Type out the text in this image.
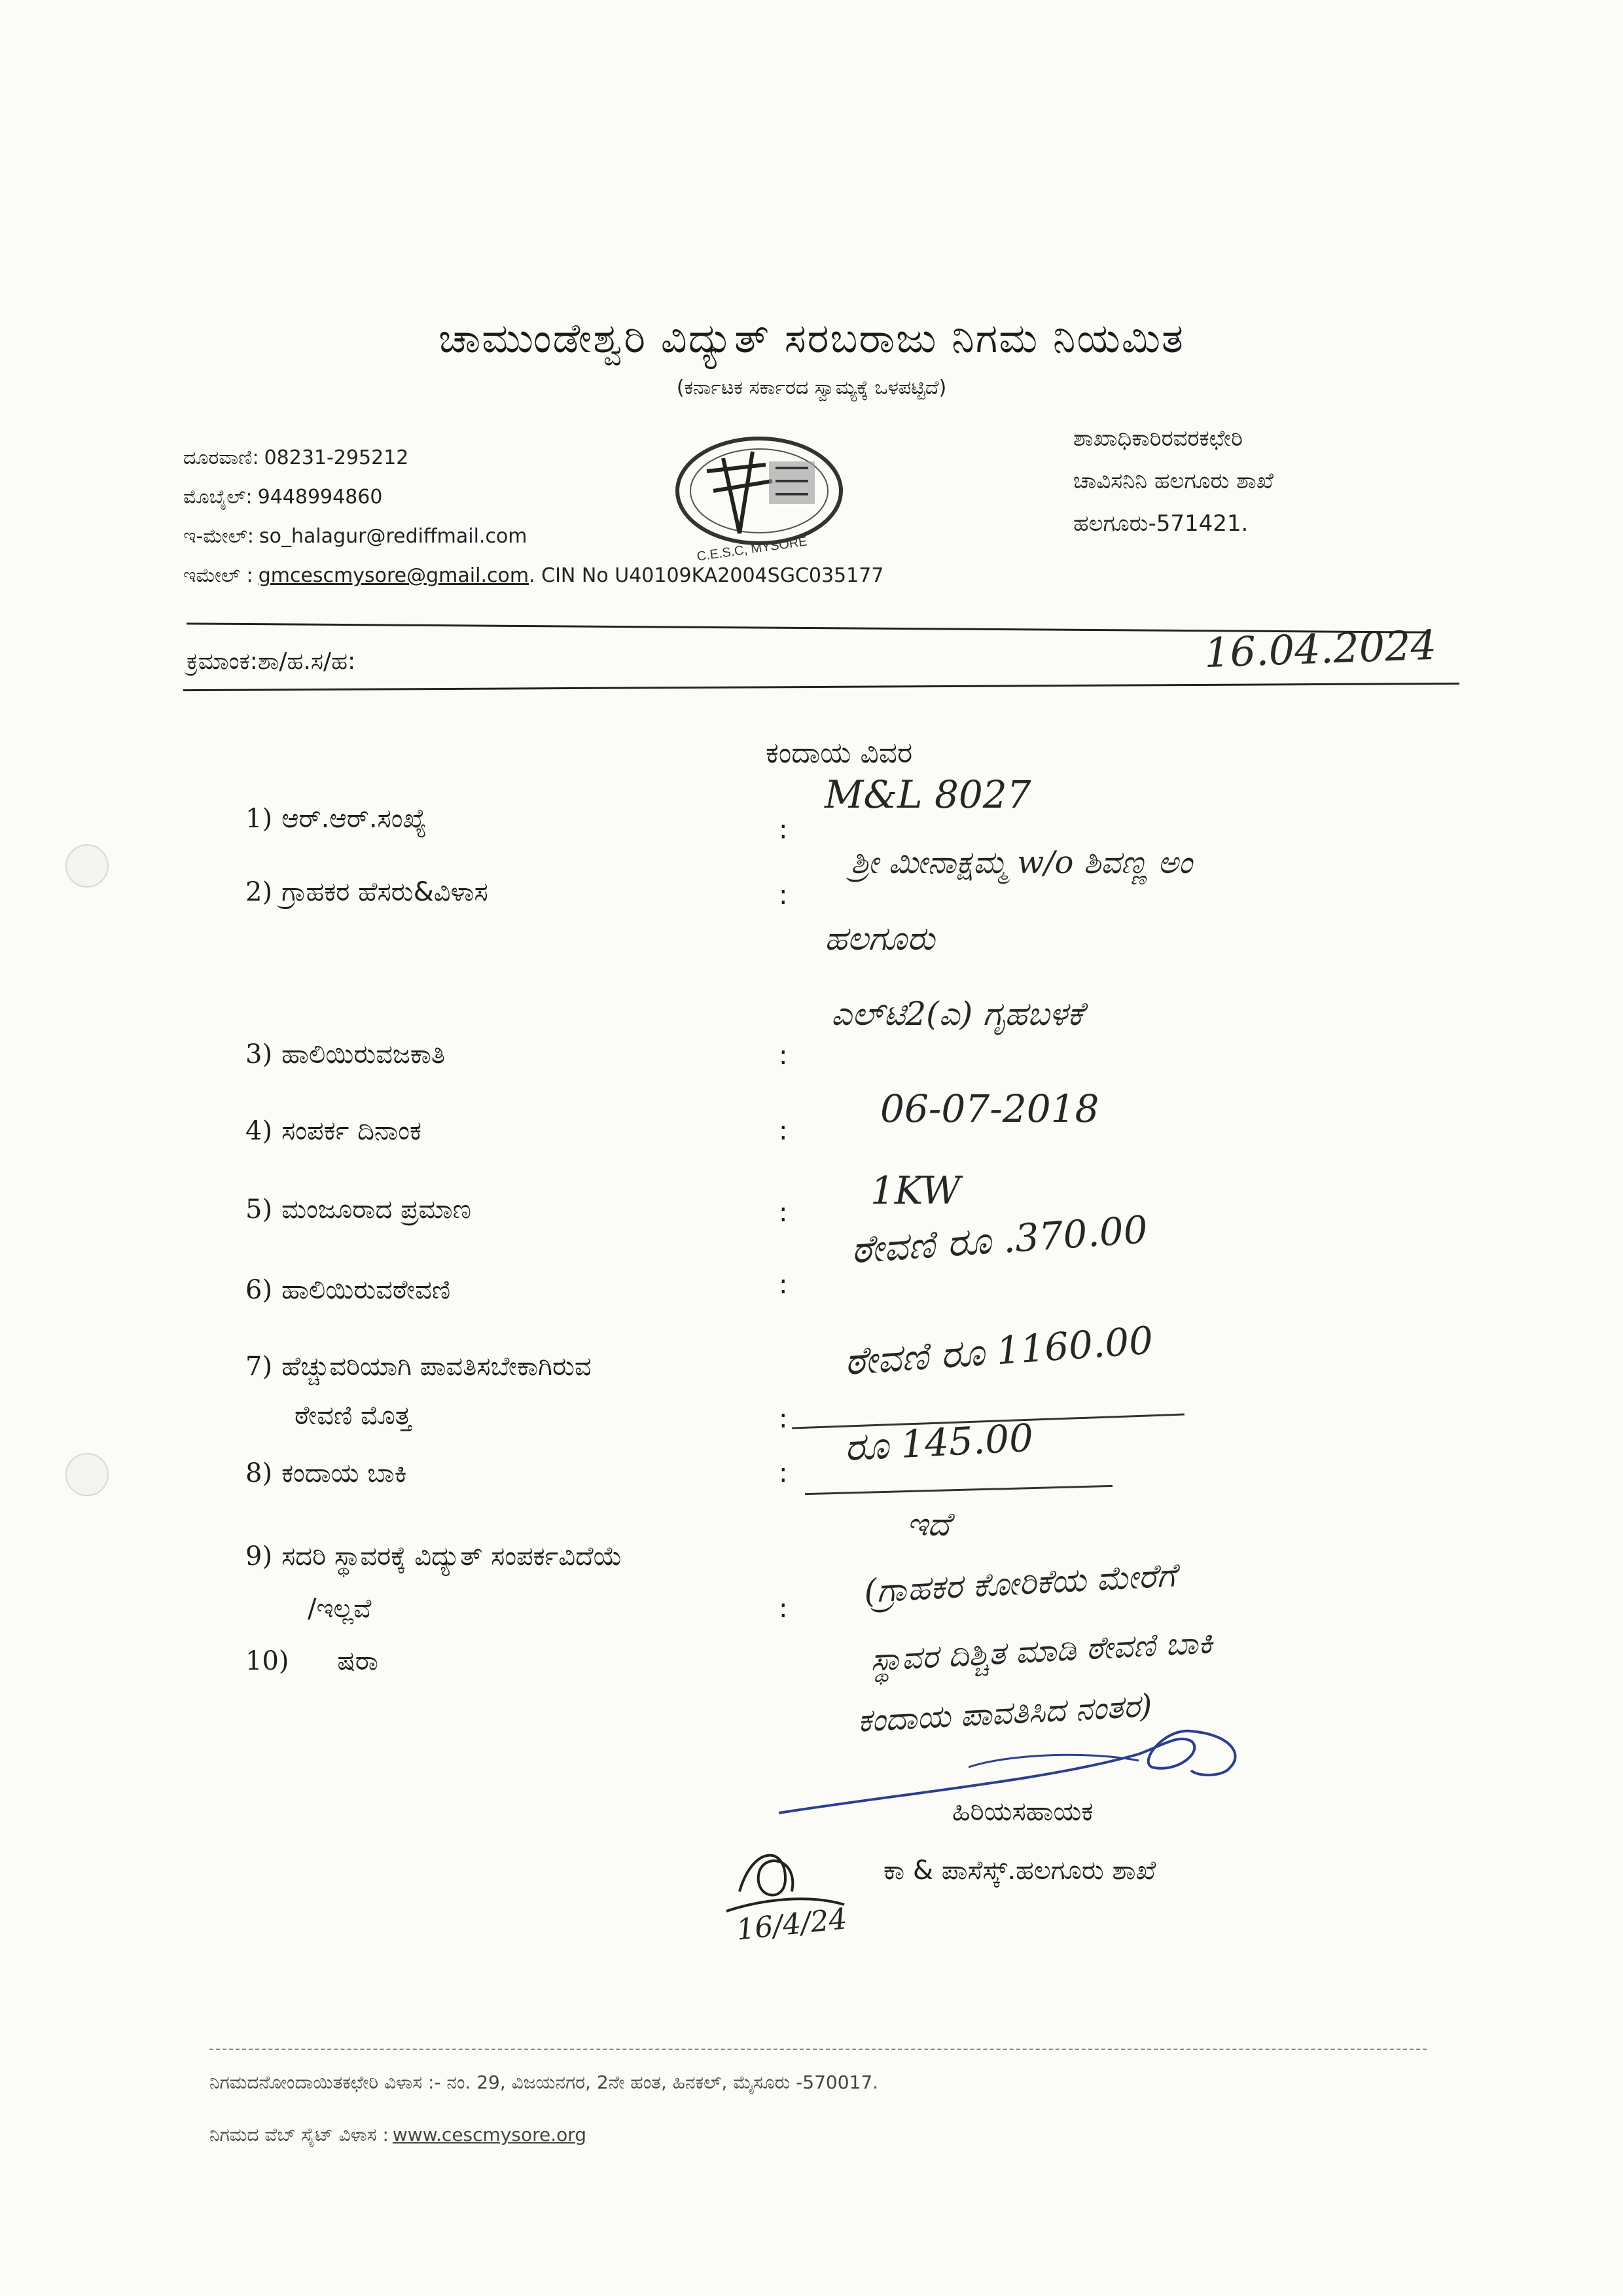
ಚಾಮುಂಡೇಶ್ವರಿ ವಿದ್ಯುತ್ ಸರಬರಾಜು ನಿಗಮ ನಿಯಮಿತ
(ಕರ್ನಾಟಕ ಸರ್ಕಾರದ ಸ್ವಾಮ್ಯಕ್ಕೆ ಒಳಪಟ್ಟಿದೆ)
ದೂರವಾಣಿ: 08231-295212
ಮೊಬೈಲ್: 9448994860
ಇ-ಮೇಲ್: so_halagur@rediffmail.com
ಇಮೇಲ್ : gmcescmysore@gmail.com. CIN No U40109KA2004SGC035177
C.E.S.C, MYSORE
ಶಾಖಾಧಿಕಾರಿರವರಕಛೇರಿ
ಚಾವಿಸನಿನಿ ಹಲಗೂರು ಶಾಖೆ
ಹಲಗೂರು-571421.
ಕ್ರಮಾಂಕ:ಶಾ/ಹ.ಸ/ಹ:	16.04.2024
ಕಂದಾಯ ವಿವರ
1) ಆರ್.ಆರ್.ಸಂಖ್ಯೆ	:
M&L 8027
2) ಗ್ರಾಹಕರ ಹೆಸರು&ವಿಳಾಸ	:
ಶ್ರೀ ಮೀನಾಕ್ಷಮ್ಮ w/o ಶಿವಣ್ಣ ಅಂ
ಹಲಗೂರು
3) ಹಾಲಿಯಿರುವಜಕಾತಿ	:
ಎಲ್‌ಟಿ2(ಎ) ಗೃಹಬಳಕೆ
4) ಸಂಪರ್ಕ ದಿನಾಂಕ	: 06-07-2018
5) ಮಂಜೂರಾದ ಪ್ರಮಾಣ	: 1KW
6) ಹಾಲಿಯಿರುವಠೇವಣಿ	:
ಠೇವಣಿ ರೂ .370.00
7) ಹೆಚ್ಚುವರಿಯಾಗಿ ಪಾವತಿಸಬೇಕಾಗಿರುವ
ಠೇವಣಿ ಮೊತ್ತ	:
ಠೇವಣಿ ರೂ 1160.00
8) ಕಂದಾಯ ಬಾಕಿ	:
ರೂ 145.00
9) ಸದರಿ ಸ್ಥಾವರಕ್ಕೆ ವಿದ್ಯುತ್ ಸಂಪರ್ಕವಿದೆಯೆ
/ಇಲ್ಲವೆ	:
ಇದೆ
10) ಷರಾ
(ಗ್ರಾಹಕರ ಕೋರಿಕೆಯ ಮೇರೆಗೆ
ಸ್ಥಾವರ ದಿಶ್ಚಿತ ಮಾಡಿ ಠೇವಣಿ ಬಾಕಿ
ಕಂದಾಯ ಪಾವತಿಸಿದ ನಂತರ)
ಹಿರಿಯಸಹಾಯಕ
ಕಾ & ಪಾಸೆಸ್ಕ್.ಹಲಗೂರು ಶಾಖೆ
16/4/24
ನಿಗಮದನೋಂದಾಯಿತಕಛೇರಿ ವಿಳಾಸ :- ನಂ. 29, ವಿಜಯನಗರ, 2ನೇ ಹಂತ, ಹಿನಕಲ್, ಮೈಸೂರು -570017.
ನಿಗಮದ ವೆಬ್ ಸೈಟ್ ವಿಳಾಸ : www.cescmysore.org
